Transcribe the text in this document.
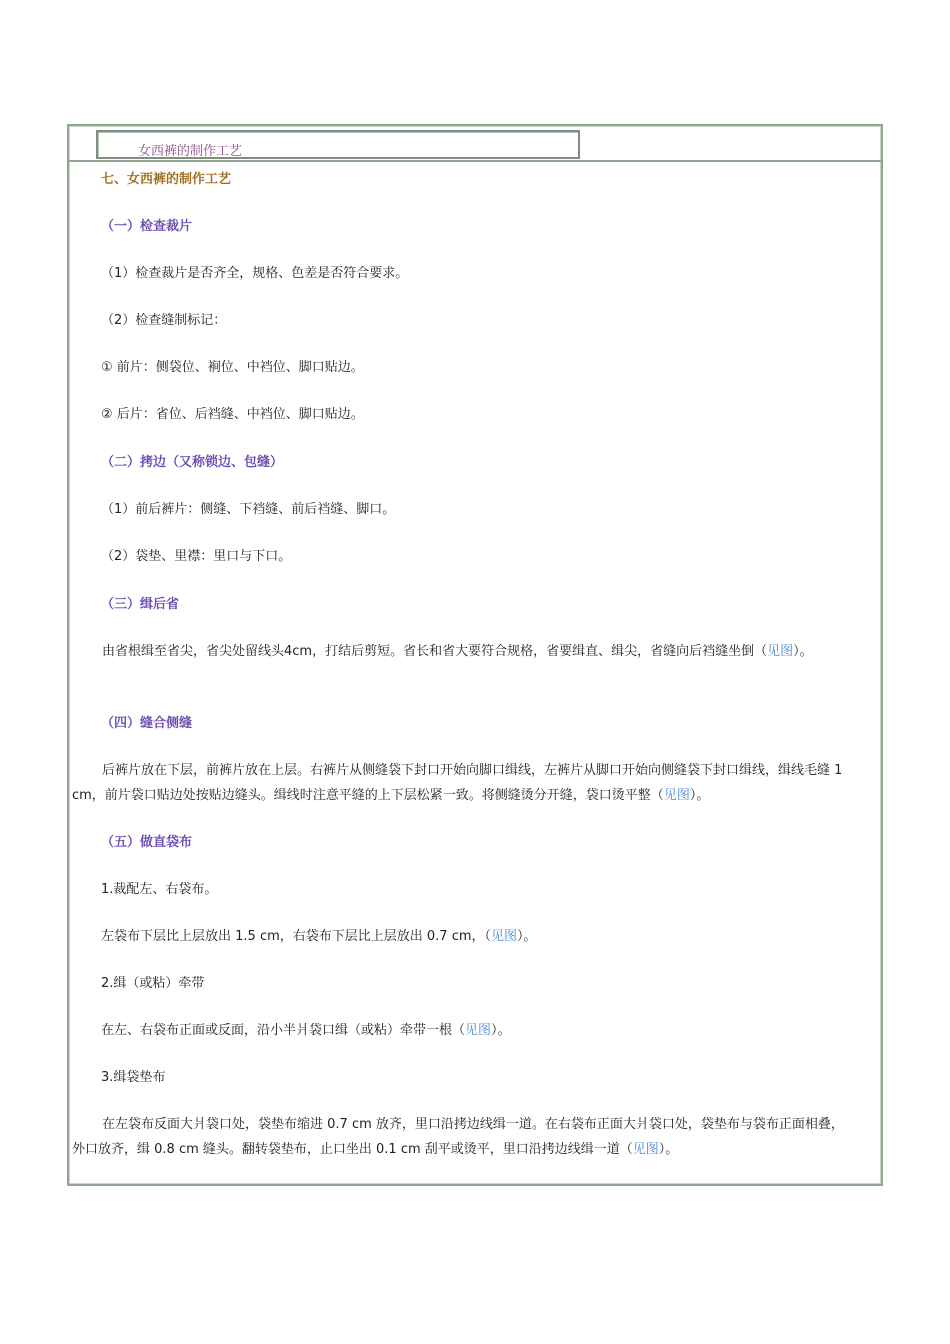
女西裤的制作工艺
七、女西裤的制作工艺
（一）检查裁片
（1）检查裁片是否齐全，规格、色差是否符合要求。
（2）检查缝制标记：
① 前片：侧袋位、裥位、中裆位、脚口贴边。
② 后片：省位、后裆缝、中裆位、脚口贴边。
（二）拷边（又称锁边、包缝）
（1）前后裤片：侧缝、下裆缝、前后裆缝、脚口。
（2）袋垫、里襟：里口与下口。
（三）缉后省
由省根缉至省尖，省尖处留线头4cm，打结后剪短。省长和省大要符合规格，省要缉直、缉尖，省缝向后裆缝坐倒（见图）。
（四）缝合侧缝
后裤片放在下层，前裤片放在上层。右裤片从侧缝袋下封口开始向脚口缉线，左裤片从脚口开始向侧缝袋下封口缉线，缉线毛缝 1 cm，前片袋口贴边处按贴边缝头。缉线时注意平缝的上下层松紧一致。将侧缝烫分开缝，袋口烫平整（见图）。
（五）做直袋布
1.裁配左、右袋布。
左袋布下层比上层放出 1.5 cm，右袋布下层比上层放出 0.7 cm，（见图）。
2.缉（或粘）牵带
在左、右袋布正面或反面，沿小半爿袋口缉（或粘）牵带一根（见图）。
3.缉袋垫布
在左袋布反面大爿袋口处，袋垫布缩进 0.7 cm 放齐，里口沿拷边线缉一道。在右袋布正面大爿袋口处，袋垫布与袋布正面相叠，外口放齐，缉 0.8 cm 缝头。翻转袋垫布，止口坐出 0.1 cm 刮平或烫平，里口沿拷边线缉一道（见图）。
